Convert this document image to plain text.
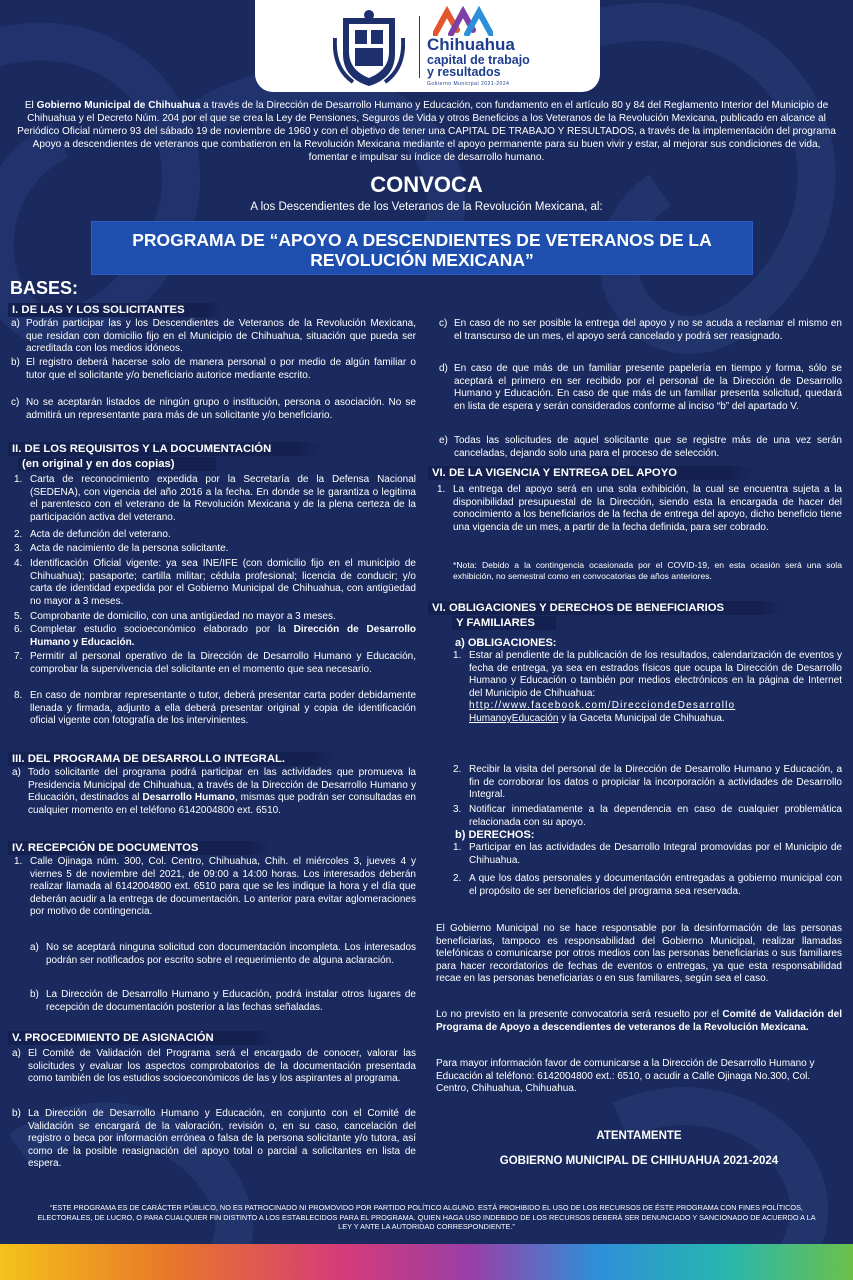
Chihuahua
capital de trabajo
y resultados
Gobierno Municipal 2021-2024
El Gobierno Municipal de Chihuahua a través de la Dirección de Desarrollo Humano y Educación, con fundamento en el artículo 80 y 84 del Reglamento Interior del Municipio de Chihuahua y el Decreto Núm. 204 por el que se crea la Ley de Pensiones, Seguros de Vida y otros Beneficios a los Veteranos de la Revolución Mexicana, publicado en alcance al Periódico Oficial número 93 del sábado 19 de noviembre de 1960 y con el objetivo de tener una CAPITAL DE TRABAJO Y RESULTADOS, a través de la implementación del programa Apoyo a descendientes de veteranos que combatieron en la Revolución Mexicana mediante el apoyo permanente para su buen vivir y estar, al mejorar sus condiciones de vida, fomentar e impulsar su índice de desarrollo humano.
CONVOCA
A los Descendientes de los Veteranos de la Revolución Mexicana, al:
PROGRAMA DE “APOYO A DESCENDIENTES DE VETERANOS DE LA
REVOLUCIÓN MEXICANA”
BASES:
I. DE LAS Y LOS SOLICITANTES
a) Podrán participar las y los Descendientes de Veteranos de la Revolución Mexicana, que residan con domicilio fijo en el Municipio de Chihuahua, situación que pueda ser acreditada con los medios idóneos.
b) El registro deberá hacerse solo de manera personal o por medio de algún familiar o tutor que el solicitante y/o beneficiario autorice mediante escrito.
c) No se aceptarán listados de ningún grupo o institución, persona o asociación. No se admitirá un representante para más de un solicitante y/o beneficiario.
II. DE LOS REQUISITOS Y LA DOCUMENTACIÓN
(en original y en dos copias)
1. Carta de reconocimiento expedida por la Secretaría de la Defensa Nacional (SEDENA), con vigencia del año 2016 a la fecha. En donde se le garantiza o legitima el parentesco con el veterano de la Revolución Mexicana y de la plena certeza de la participación activa del veterano.
2. Acta de defunción del veterano.
3. Acta de nacimiento de la persona solicitante.
4. Identificación Oficial vigente: ya sea INE/IFE (con domicilio fijo en el municipio de Chihuahua); pasaporte; cartilla militar; cédula profesional; licencia de conducir; y/o carta de identidad expedida por el Gobierno Municipal de Chihuahua, con antigüedad no mayor a 3 meses.
5. Comprobante de domicilio, con una antigüedad no mayor a 3 meses.
6. Completar estudio socioeconómico elaborado por la Dirección de Desarrollo Humano y Educación.
7. Permitir al personal operativo de la Dirección de Desarrollo Humano y Educación, comprobar la supervivencia del solicitante en el momento que sea necesario.
8. En caso de nombrar representante o tutor, deberá presentar carta poder debidamente llenada y firmada, adjunto a ella deberá presentar original y copia de identificación oficial vigente con fotografía de los intervinientes.
III. DEL PROGRAMA DE DESARROLLO INTEGRAL.
a) Todo solicitante del programa podrá participar en las actividades que promueva la Presidencia Municipal de Chihuahua, a través de la Dirección de Desarrollo Humano y Educación, destinados al Desarrollo Humano, mismas que podrán ser consultadas en cualquier momento en el teléfono 6142004800 ext. 6510.
IV. RECEPCIÓN DE DOCUMENTOS
1. Calle Ojinaga núm. 300, Col. Centro, Chihuahua, Chih. el miércoles 3, jueves 4 y viernes 5 de noviembre del 2021, de 09:00 a 14:00 horas. Los interesados deberán realizar llamada al 6142004800 ext. 6510 para que se les indique la hora y el día que deberán acudir a la entrega de documentación. Lo anterior para evitar aglomeraciones por motivo de contingencia.
a) No se aceptará ninguna solicitud con documentación incompleta. Los interesados podrán ser notificados por escrito sobre el requerimiento de alguna aclaración.
b) La Dirección de Desarrollo Humano y Educación, podrá instalar otros lugares de recepción de documentación posterior a las fechas señaladas.
V. PROCEDIMIENTO DE ASIGNACIÓN
a) El Comité de Validación del Programa será el encargado de conocer, valorar las solicitudes y evaluar los aspectos comprobatorios de la documentación presentada como también de los estudios socioeconómicos de las y los aspirantes al programa.
b) La Dirección de Desarrollo Humano y Educación, en conjunto con el Comité de Validación se encargará de la valoración, revisión o, en su caso, cancelación del registro o beca por información errónea o falsa de la persona solicitante y/o tutora, así como de la posible reasignación del apoyo total o parcial a solicitantes en lista de espera.
c) En caso de no ser posible la entrega del apoyo y no se acuda a reclamar el mismo en el transcurso de un mes, el apoyo será cancelado y podrá ser reasignado.
d) En caso de que más de un familiar presente papelería en tiempo y forma, sólo se aceptará el primero en ser recibido por el personal de la Dirección de Desarrollo Humano y Educación. En caso de que más de un familiar presenta solicitud, quedará en lista de espera y serán considerados conforme al inciso “b” del apartado V.
e) Todas las solicitudes de aquel solicitante que se registre más de una vez serán canceladas, dejando solo una para el proceso de selección.
VI. DE LA VIGENCIA Y ENTREGA DEL APOYO
1. La entrega del apoyo será en una sola exhibición, la cual se encuentra sujeta a la disponibilidad presupuestal de la Dirección, siendo esta la encargada de hacer del conocimiento a los beneficiarios de la fecha de entrega del apoyo, dicho beneficio tiene una vigencia de un mes, a partir de la fecha definida, para ser cobrado.
*Nota: Debido a la contingencia ocasionada por el COVID-19, en esta ocasión será una sola exhibición, no semestral como en convocatorias de años anteriores.
VI. OBLIGACIONES Y DERECHOS DE BENEFICIARIOS
Y FAMILIARES
a) OBLIGACIONES:
1. Estar al pendiente de la publicación de los resultados, calendarización de eventos y fecha de entrega, ya sea en estrados físicos que ocupa la Dirección de Desarrollo Humano y Educación o también por medios electrónicos en la página de Internet del Municipio de Chihuahua:
http://www.facebook.com/DirecciondeDesarrollo
HumanoyEducación y la Gaceta Municipal de Chihuahua.
2. Recibir la visita del personal de la Dirección de Desarrollo Humano y Educación, a fin de corroborar los datos o propiciar la incorporación a actividades de Desarrollo Integral.
3. Notificar inmediatamente a la dependencia en caso de cualquier problemática relacionada con su apoyo.
b) DERECHOS:
1. Participar en las actividades de Desarrollo Integral promovidas por el Municipio de Chihuahua.
2. A que los datos personales y documentación entregadas a gobierno municipal con el propósito de ser beneficiarios del programa sea reservada.
El Gobierno Municipal no se hace responsable por la desinformación de las personas beneficiarias, tampoco es responsabilidad del Gobierno Municipal, realizar llamadas telefónicas o comunicarse por otros medios con las personas beneficiarias o sus familiares para hacer recordatorios de fechas de eventos o entregas, ya que esta responsabilidad recae en las personas beneficiarias o en sus familiares, según sea el caso.
Lo no previsto en la presente convocatoria será resuelto por el Comité de Validación del Programa de Apoyo a descendientes de veteranos de la Revolución Mexicana.
Para mayor información favor de comunicarse a la Dirección de Desarrollo Humano y Educación al teléfono: 6142004800 ext.: 6510, o acudir a Calle Ojinaga No.300, Col. Centro, Chihuahua, Chihuahua.
ATENTAMENTE
GOBIERNO MUNICIPAL DE CHIHUAHUA 2021-2024
“ESTE PROGRAMA ES DE CARÁCTER PÚBLICO, NO ES PATROCINADO NI PROMOVIDO POR PARTIDO POLÍTICO ALGUNO. ESTÁ PROHIBIDO EL USO DE LOS RECURSOS DE ÉSTE PROGRAMA CON FINES POLÍTICOS, ELECTORALES, DE LUCRO, O PARA CUALQUIER FIN DISTINTO A LOS ESTABLECIDOS PARA EL PROGRAMA. QUIEN HAGA USO INDEBIDO DE LOS RECURSOS DEBERÁ SER DENUNCIADO Y SANCIONADO DE ACUERDO A LA LEY Y ANTE LA AUTORIDAD CORRESPONDIENTE.”
